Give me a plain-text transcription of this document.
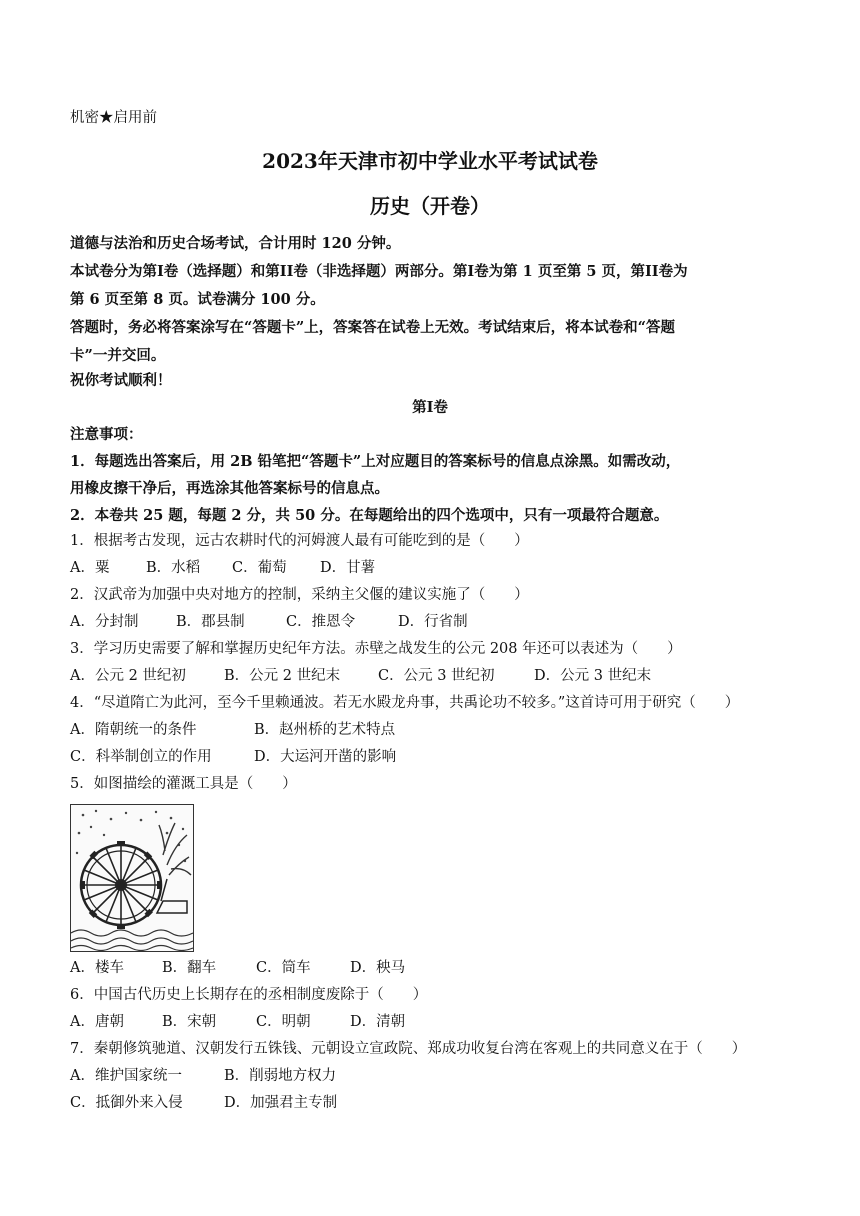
机密★启用前
2023年天津市初中学业水平考试试卷
历史（开卷）
道德与法治和历史合场考试，合计用时 120 分钟。
本试卷分为第I卷（选择题）和第II卷（非选择题）两部分。第I卷为第 1 页至第 5 页，第II卷为
第 6 页至第 8 页。试卷满分 100 分。
答题时，务必将答案涂写在“答题卡”上，答案答在试卷上无效。考试结束后，将本试卷和“答题
卡”一并交回。
祝你考试顺利！
第I卷
注意事项：
1．每题选出答案后，用 2B 铅笔把“答题卡”上对应题目的答案标号的信息点涂黑。如需改动，
用橡皮擦干净后，再选涂其他答案标号的信息点。
2．本卷共 25 题，每题 2 分，共 50 分。在每题给出的四个选项中，只有一项最符合题意。
1．根据考古发现，远古农耕时代的河姆渡人最有可能吃到的是（　　）
A．粟	B．水稻 C．葡萄 D．甘薯
2．汉武帝为加强中央对地方的控制，采纳主父偃的建议实施了（　　）
A．分封制	B．郡县制	C．推恩令	D．行省制
3．学习历史需要了解和掌握历史纪年方法。赤壁之战发生的公元 208 年还可以表述为（　　）
A．公元 2 世纪初	B．公元 2 世纪末	C．公元 3 世纪初	D．公元 3 世纪末
4．“尽道隋亡为此河，至今千里赖通波。若无水殿龙舟事，共禹论功不较多。”这首诗可用于研究（　　）
A．隋朝统一的条件	B．赵州桥的艺术特点
C．科举制创立的作用	D．大运河开凿的影响
5．如图描绘的灌溉工具是（　　）
A．楼车	B．翻车	C．筒车	D．秧马
6．中国古代历史上长期存在的丞相制度废除于（　　）
A．唐朝	B．宋朝	C．明朝	D．清朝
7．秦朝修筑驰道、汉朝发行五铢钱、元朝设立宣政院、郑成功收复台湾在客观上的共同意义在于（　　）
A．维护国家统一	B．削弱地方权力
C．抵御外来入侵	D．加强君主专制
